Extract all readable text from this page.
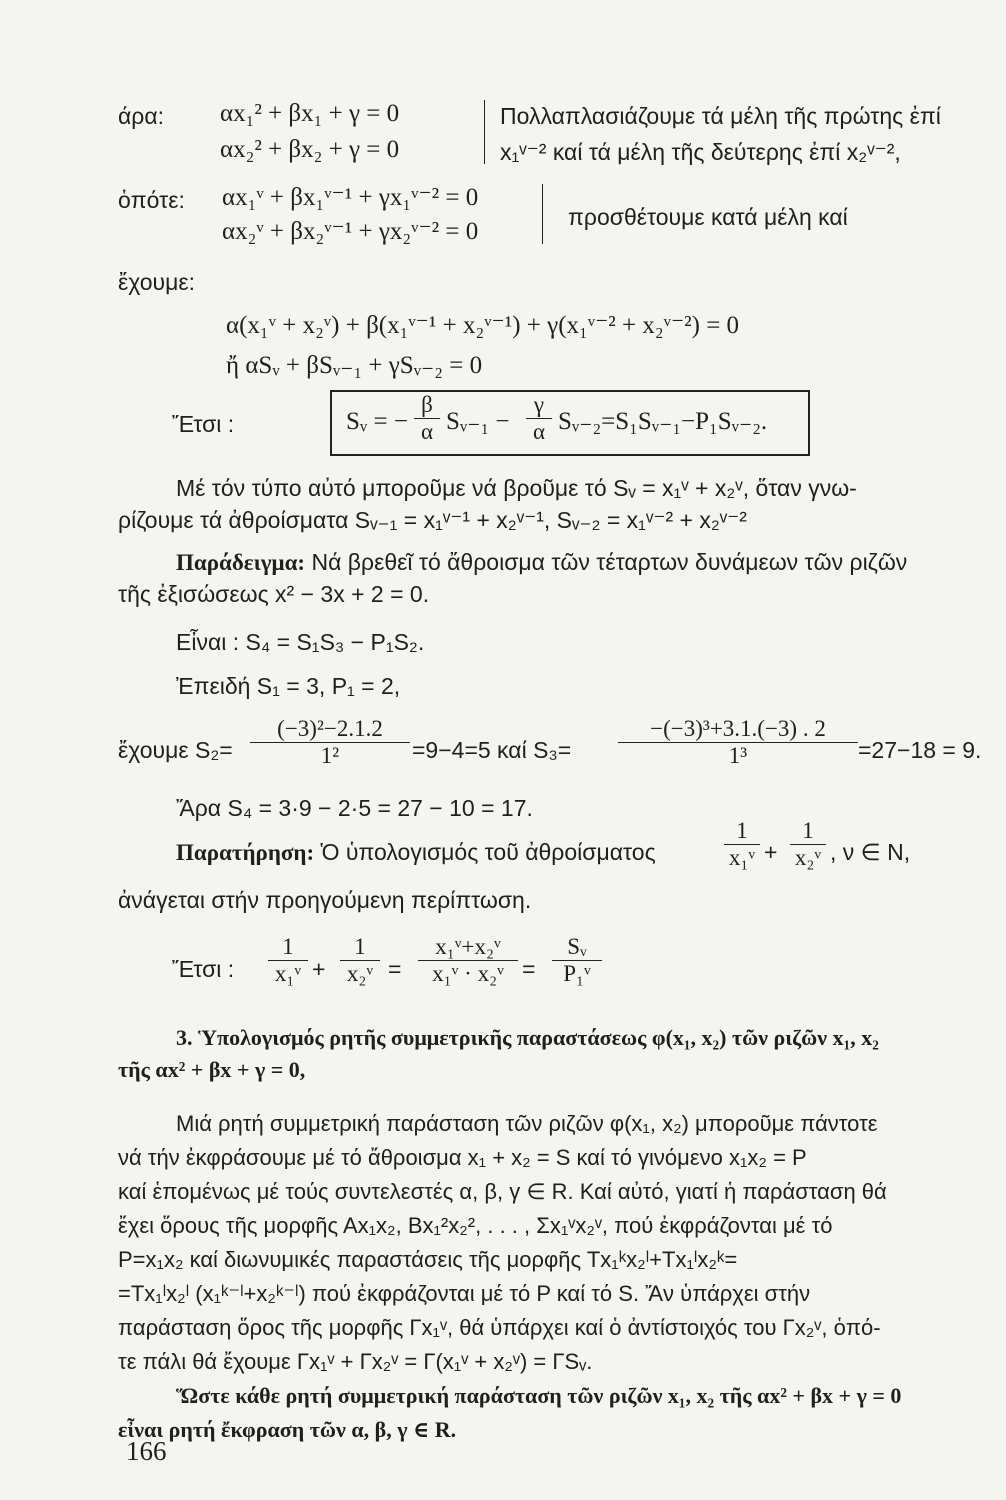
άρα: αx₁² + βx₁ + γ = 0	Πολλαπλασιάζουμε τά μέλη τῆς πρώτης ἐπί
αx₂² + βx₂ + γ = 0	x₁ᵛ⁻² καί τά μέλη τῆς δεύτερης ἐπί x₂ᵛ⁻²,
ὁπότε: αx₁ᵛ + βx₁ᵛ⁻¹ + γx₁ᵛ⁻² = 0
προσθέτουμε κατά μέλη καί
αx₂ᵛ + βx₂ᵛ⁻¹ + γx₂ᵛ⁻² = 0
ἔχουμε:
α(x₁ᵛ + x₂ᵛ) + β(x₁ᵛ⁻¹ + x₂ᵛ⁻¹) + γ(x₁ᵛ⁻² + x₂ᵛ⁻²) = 0
ἤ αSᵥ + βSᵥ₋₁ + γSᵥ₋₂ = 0
Ἔτσι :	Sᵥ = − $\frac{\beta}{\alpha}$ Sᵥ₋₁ − $\frac{\gamma}{\alpha}$ Sᵥ₋₂=S₁Sᵥ₋₁−P₁Sᵥ₋₂.
Μέ τόν τύπο αὐτό μποροῦμε νά βροῦμε τό Sᵥ = x₁ᵛ + x₂ᵛ, ὅταν γνω-
ρίζουμε τά ἀθροίσματα Sᵥ₋₁ = x₁ᵛ⁻¹ + x₂ᵛ⁻¹, Sᵥ₋₂ = x₁ᵛ⁻² + x₂ᵛ⁻²
Παράδειγμα: Νά βρεθεῖ τό ἄθροισμα τῶν τέταρτων δυνάμεων τῶν ριζῶν
τῆς ἐξισώσεως x² − 3x + 2 = 0.
Εἶναι : S₄ = S₁S₃ − P₁S₂.
Ἐπειδή S₁ = 3, P₁ = 2,
ἔχουμε $S_2= \frac{\text{(−3)²−2.1.2}}{\text{1²}} =9-4=5$ καί $S_3= \frac{\text{−(−3)³+3.1.(−3) . 2}}{\text{1³}} =27-18 = 9$.
Ἄρα S₄ = 3·9 − 2·5 = 27 − 10 = 17.
Παρατήρηση: Ὁ ὑπολογισμός τοῦ ἀθροίσματος	$\frac{1}{\text{x₁ᵛ}} + \frac{1}{\text{x₂ᵛ}}$ , ν ∈ N,
ἀνάγεται στήν προηγούμενη περίπτωση.
Ἔτσι : $\frac{1}{\text{x₁ᵛ}} + \frac{1}{\text{x₂ᵛ}} = \frac{\text{x₁ᵛ+x₂ᵛ}}{\text{x₁ᵛ · x₂ᵛ}} = \frac{\text{Sᵥ}}{\text{P₁ᵛ}}$
3. Ὑπολογισμός ρητῆς συμμετρικῆς παραστάσεως φ(x₁, x₂) τῶν ριζῶν x₁, x₂
τῆς αx² + βx + γ = 0,
Μιά ρητή συμμετρική παράσταση τῶν ριζῶν φ(x₁, x₂) μποροῦμε πάντοτε
νά τήν ἐκφράσουμε μέ τό ἄθροισμα x₁ + x₂ = S καί τό γινόμενο x₁x₂ = P
καί ἑπομένως μέ τούς συντελεστές α, β, γ ∈ R. Καί αὐτό, γιατί ἡ παράσταση θά
ἔχει ὅρους τῆς μορφῆς Αx₁x₂, Βx₁²x₂², . . . , Σx₁ᵛx₂ᵛ, πού ἐκφράζονται μέ τό
P=x₁x₂ καί διωνυμικές παραστάσεις τῆς μορφῆς Τx₁ᵏx₂ˡ+Τx₁ˡx₂ᵏ=
=Τx₁ˡx₂ˡ (x₁ᵏ⁻ˡ+x₂ᵏ⁻ˡ) πού ἐκφράζονται μέ τό P καί τό S. Ἄν ὑπάρχει στήν
παράσταση ὅρος τῆς μορφῆς Γx₁ᵛ, θά ὑπάρχει καί ὁ ἀντίστοιχός του Γx₂ᵛ, ὁπό-
τε πάλι θά ἔχουμε Γx₁ᵛ + Γx₂ᵛ = Γ(x₁ᵛ + x₂ᵛ) = ΓSᵥ.
Ὥστε κάθε ρητή συμμετρική παράσταση τῶν ριζῶν x₁, x₂ τῆς αx² + βx + γ = 0
εἶναι ρητή ἔκφραση τῶν α, β, γ ∈ R.
166
